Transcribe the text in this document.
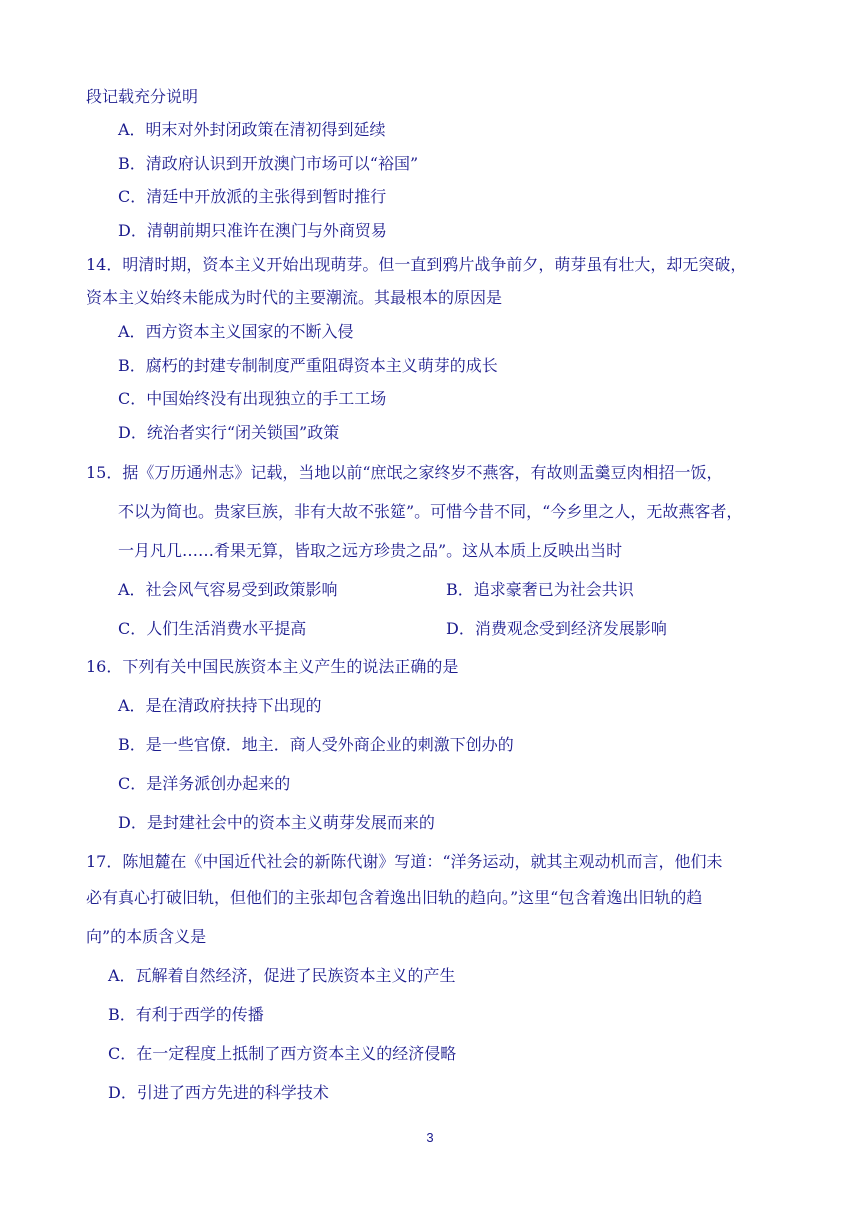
段记载充分说明
A．明末对外封闭政策在清初得到延续
B．清政府认识到开放澳门市场可以“裕国”
C．清廷中开放派的主张得到暂时推行
D．清朝前期只准许在澳门与外商贸易
14．明清时期，资本主义开始出现萌芽。但一直到鸦片战争前夕，萌芽虽有壮大，却无突破，
资本主义始终未能成为时代的主要潮流。其最根本的原因是
A．西方资本主义国家的不断入侵
B．腐朽的封建专制制度严重阻碍资本主义萌芽的成长
C．中国始终没有出现独立的手工工场
D．统治者实行“闭关锁国”政策
15．据《万历通州志》记载，当地以前“庶氓之家终岁不燕客，有故则盂羹豆肉相招一饭，
不以为简也。贵家巨族，非有大故不张筵”。可惜今昔不同，“今乡里之人，无故燕客者，
一月凡几……肴果无算，皆取之远方珍贵之品”。这从本质上反映出当时
A．社会风气容易受到政策影响	B．追求豪奢已为社会共识
C．人们生活消费水平提高	D．消费观念受到经济发展影响
16．下列有关中国民族资本主义产生的说法正确的是
A．是在清政府扶持下出现的
B．是一些官僚．地主．商人受外商企业的刺激下创办的
C．是洋务派创办起来的
D．是封建社会中的资本主义萌芽发展而来的
17．陈旭麓在《中国近代社会的新陈代谢》写道：“洋务运动，就其主观动机而言，他们未
必有真心打破旧轨，但他们的主张却包含着逸出旧轨的趋向。”这里“包含着逸出旧轨的趋
向”的本质含义是
A．瓦解着自然经济，促进了民族资本主义的产生
B．有利于西学的传播
C．在一定程度上抵制了西方资本主义的经济侵略
D．引进了西方先进的科学技术
3
